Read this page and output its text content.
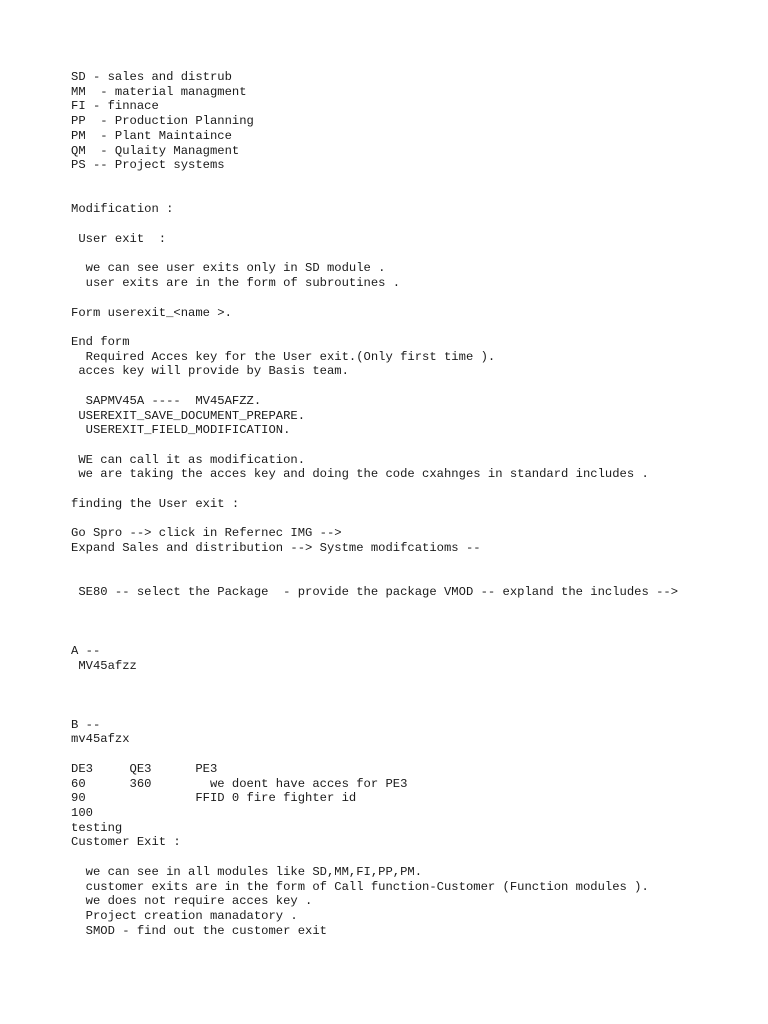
SD - sales and distrub
MM  - material managment
FI - finnace
PP  - Production Planning
PM  - Plant Maintaince
QM  - Qulaity Managment
PS -- Project systems
Modification :
User exit  :
we can see user exits only in SD module .
user exits are in the form of subroutines .
Form userexit_<name >.
End form
Required Acces key for the User exit.(Only first time ).
acces key will provide by Basis team.
SAPMV45A ----  MV45AFZZ.
USEREXIT_SAVE_DOCUMENT_PREPARE.
USEREXIT_FIELD_MODIFICATION.
WE can call it as modification.
we are taking the acces key and doing the code cxahnges in standard includes .
finding the User exit :
Go Spro --> click in Refernec IMG -->
Expand Sales and distribution --> Systme modifcatioms --
SE80 -- select the Package  - provide the package VMOD -- expland the includes -->
A --
MV45afzz
B --
mv45afzx
DE3     QE3      PE3
60      360        we doent have acces for PE3
90               FFID 0 fire fighter id
100
testing
Customer Exit :
we can see in all modules like SD,MM,FI,PP,PM.
customer exits are in the form of Call function-Customer (Function modules ).
we does not require acces key .
Project creation manadatory .
SMOD - find out the customer exit
